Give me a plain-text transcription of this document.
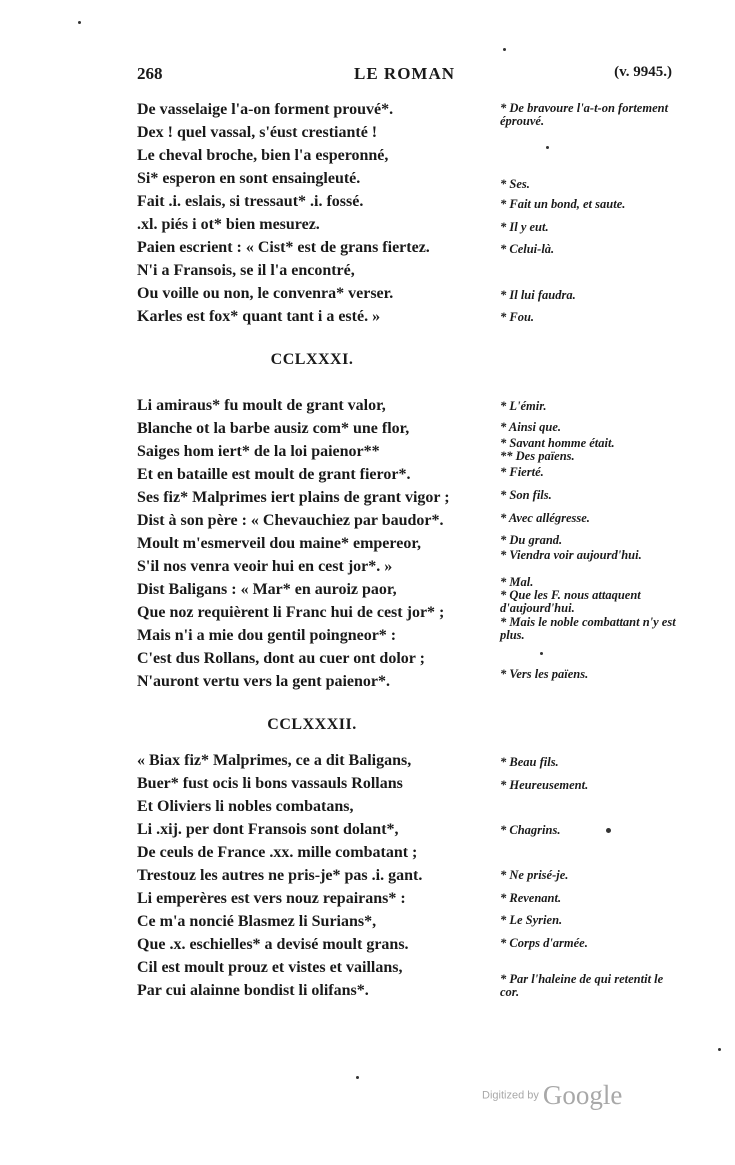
268	LE ROMAN	(v. 9945.)
De vasselaige l'a-on forment prouvé*.
Dex ! quel vassal, s'éust crestianté !
Le cheval broche, bien l'a esperonné,
Si* esperon en sont ensaingleuté.
Fait .i. eslais, si tressaut* .i. fossé.
.xl. piés i ot* bien mesurez.
Paien escrient : « Cist* est de grans fiertez.
N'i a Fransois, se il l'a encontré,
Ou voille ou non, le convenra* verser.
Karles est fox* quant tant i a esté. »
CCLXXXI.
Li amiraus* fu moult de grant valor,
Blanche ot la barbe ausiz com* une flor,
Saiges hom iert* de la loi paienor**
Et en bataille est moult de grant fieror*.
Ses fiz* Malprimes iert plains de grant vigor ;
Dist à son père : « Chevauchiez par baudor*.
Moult m'esmerveil dou maine* empereor,
S'il nos venra veoir hui en cest jor*. »
Dist Baligans : « Mar* en auroiz paor,
Que noz requièrent li Franc hui de cest jor* ;
Mais n'i a mie dou gentil poingneor* :
C'est dus Rollans, dont au cuer ont dolor ;
N'auront vertu vers la gent paienor*.
CCLXXXII.
« Biax fiz* Malprimes, ce a dit Baligans,
Buer* fust ocis li bons vassauls Rollans
Et Oliviers li nobles combatans,
Li .xij. per dont Fransois sont dolant*,
De ceuls de France .xx. mille combatant ;
Trestouz les autres ne pris-je* pas .i. gant.
Li emperères est vers nouz repairans* :
Ce m'a noncié Blasmez li Surians*,
Que .x. eschielles* a devisé moult grans.
Cil est moult prouz et vistes et vaillans,
Par cui alainne bondist li olifans*.
* De bravoure l'a-t-on fortement éprouvé.
* Ses.
* Fait un bond, et saute.
* Il y eut.
* Celui-là.
* Il lui faudra.
* Fou.
* L'émir.
* Ainsi que.
* Savant homme était.
** Des païens.
* Fierté.
* Son fils.
* Avec allégresse.
* Du grand.
* Viendra voir aujourd'hui.
* Mal.
* Que les F. nous attaquent d'aujourd'hui.
* Mais le noble combattant n'y est plus.
* Vers les païens.
* Beau fils.
* Heureusement.
* Chagrins.
* Ne prisé-je.
* Revenant.
* Le Syrien.
* Corps d'armée.
* Par l'haleine de qui retentit le cor.
Digitized by Google
